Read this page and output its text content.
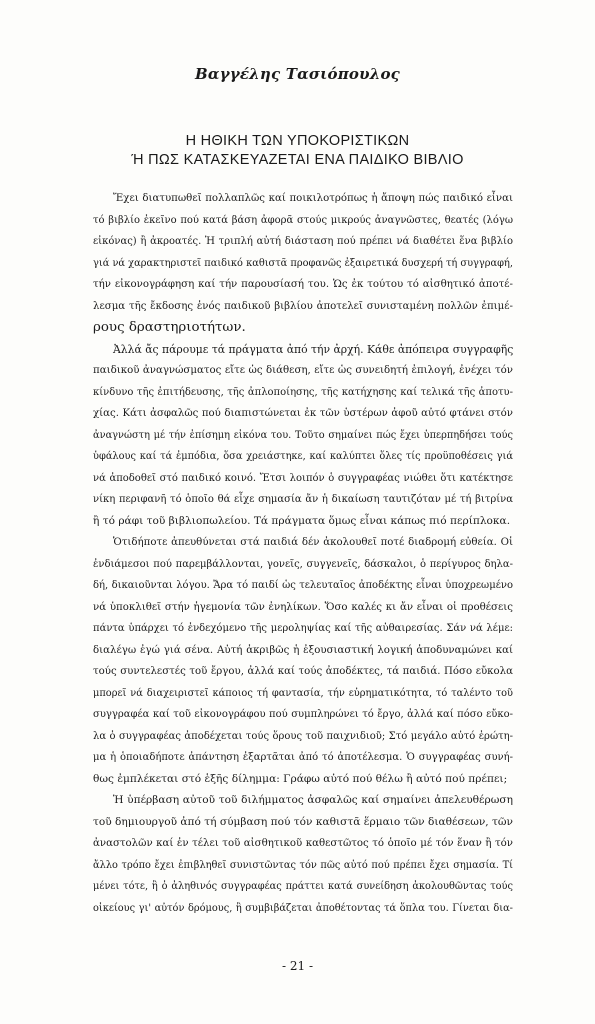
Βαγγέλης Τασιόπουλος
Η ΗΘΙΚΗ ΤΩΝ ΥΠΟΚΟΡΙΣΤΙΚΩΝ
Ή ΠΩΣ ΚΑΤΑΣΚΕΥΑΖΕΤΑΙ ΕΝΑ ΠΑΙΔΙΚΟ ΒΙΒΛΙΟ
Ἔχει διατυπωθεῖ πολλαπλῶς καί ποικιλοτρόπως ἡ ἄποψη πώς παιδικό εἶναι
τό βιβλίο ἐκεῖνο πού κατά βάση ἀφορᾶ στούς μικρούς ἀναγνῶστες, θεατές (λόγω
εἰκόνας) ἢ ἀκροατές. Ἡ τριπλή αὐτή διάσταση πού πρέπει νά διαθέτει ἕνα βιβλίο
γιά νά χαρακτηριστεῖ παιδικό καθιστᾶ προφανῶς ἐξαιρετικά δυσχερή τή συγγραφή,
τήν εἰκονογράφηση καί τήν παρουσίασή του. Ὡς ἐκ τούτου τό αἰσθητικό ἀποτέ-
λεσμα τῆς ἔκδοσης ἑνός παιδικοῦ βιβλίου ἀποτελεῖ συνισταμένη πολλῶν ἐπιμέ-
ρους δραστηριοτήτων.
Ἀλλά ἄς πάρουμε τά πράγματα ἀπό τήν ἀρχή. Κάθε ἀπόπειρα συγγραφῆς
παιδικοῦ ἀναγνώσματος εἴτε ὡς διάθεση, εἴτε ὡς συνειδητή ἐπιλογή, ἐνέχει τόν
κίνδυνο τῆς ἐπιτήδευσης, τῆς ἀπλοποίησης, τῆς κατήχησης καί τελικά τῆς ἀποτυ-
χίας. Κάτι ἀσφαλῶς πού διαπιστώνεται ἐκ τῶν ὑστέρων ἀφοῦ αὐτό φτάνει στόν
ἀναγνώστη μέ τήν ἐπίσημη εἰκόνα του. Τοῦτο σημαίνει πώς ἔχει ὑπερπηδήσει τούς
ὑφάλους καί τά ἐμπόδια, ὅσα χρειάστηκε, καί καλύπτει ὅλες τίς προϋποθέσεις γιά
νά ἀποδοθεῖ στό παιδικό κοινό. Ἔτσι λοιπόν ὁ συγγραφέας νιώθει ὅτι κατέκτησε
νίκη περιφανῆ τό ὁποῖο θά εἶχε σημασία ἄν ἡ δικαίωση ταυτιζόταν μέ τή βιτρίνα
ἢ τό ράφι τοῦ βιβλιοπωλείου. Τά πράγματα ὅμως εἶναι κάπως πιό περίπλοκα.
Ὁτιδήποτε ἀπευθύνεται στά παιδιά δέν ἀκολουθεῖ ποτέ διαδρομή εὐθεία. Οἱ
ἐνδιάμεσοι πού παρεμβάλλονται, γονεῖς, συγγενεῖς, δάσκαλοι, ὁ περίγυρος δηλα-
δή, δικαιοῦνται λόγου. Ἄρα τό παιδί ὡς τελευταῖος ἀποδέκτης εἶναι ὑποχρεωμένο
νά ὑποκλιθεῖ στήν ἡγεμονία τῶν ἐνηλίκων. Ὅσο καλές κι ἄν εἶναι οἱ προθέσεις
πάντα ὑπάρχει τό ἐνδεχόμενο τῆς μεροληψίας καί τῆς αὐθαιρεσίας. Σάν νά λέμε:
διαλέγω ἐγώ γιά σένα. Αὐτή ἀκριβῶς ἡ ἐξουσιαστική λογική ἀποδυναμώνει καί
τούς συντελεστές τοῦ ἔργου, ἀλλά καί τούς ἀποδέκτες, τά παιδιά. Πόσο εὔκολα
μπορεῖ νά διαχειριστεῖ κάποιος τή φαντασία, τήν εὐρηματικότητα, τό ταλέντο τοῦ
συγγραφέα καί τοῦ εἰκονογράφου πού συμπληρώνει τό ἔργο, ἀλλά καί πόσο εὔκο-
λα ὁ συγγραφέας ἀποδέχεται τούς ὅρους τοῦ παιχνιδιοῦ; Στό μεγάλο αὐτό ἐρώτη-
μα ἡ ὁποιαδήποτε ἀπάντηση ἐξαρτᾶται ἀπό τό ἀποτέλεσμα. Ὁ συγγραφέας συνή-
θως ἐμπλέκεται στό ἑξῆς δίλημμα: Γράφω αὐτό πού θέλω ἢ αὐτό πού πρέπει;
Ἡ ὑπέρβαση αὐτοῦ τοῦ διλήμματος ἀσφαλῶς καί σημαίνει ἀπελευθέρωση
τοῦ δημιουργοῦ ἀπό τή σύμβαση πού τόν καθιστᾶ ἕρμαιο τῶν διαθέσεων, τῶν
ἀναστολῶν καί ἐν τέλει τοῦ αἰσθητικοῦ καθεστῶτος τό ὁποῖο μέ τόν ἕναν ἢ τόν
ἄλλο τρόπο ἔχει ἐπιβληθεῖ συνιστῶντας τόν πῶς αὐτό πού πρέπει ἔχει σημασία. Τί
μένει τότε, ἢ ὁ ἀληθινός συγγραφέας πράττει κατά συνείδηση ἀκολουθῶντας τούς
οἰκείους γι' αὐτόν δρόμους, ἢ συμβιβάζεται ἀποθέτοντας τά ὅπλα του. Γίνεται δια-
- 21 -
